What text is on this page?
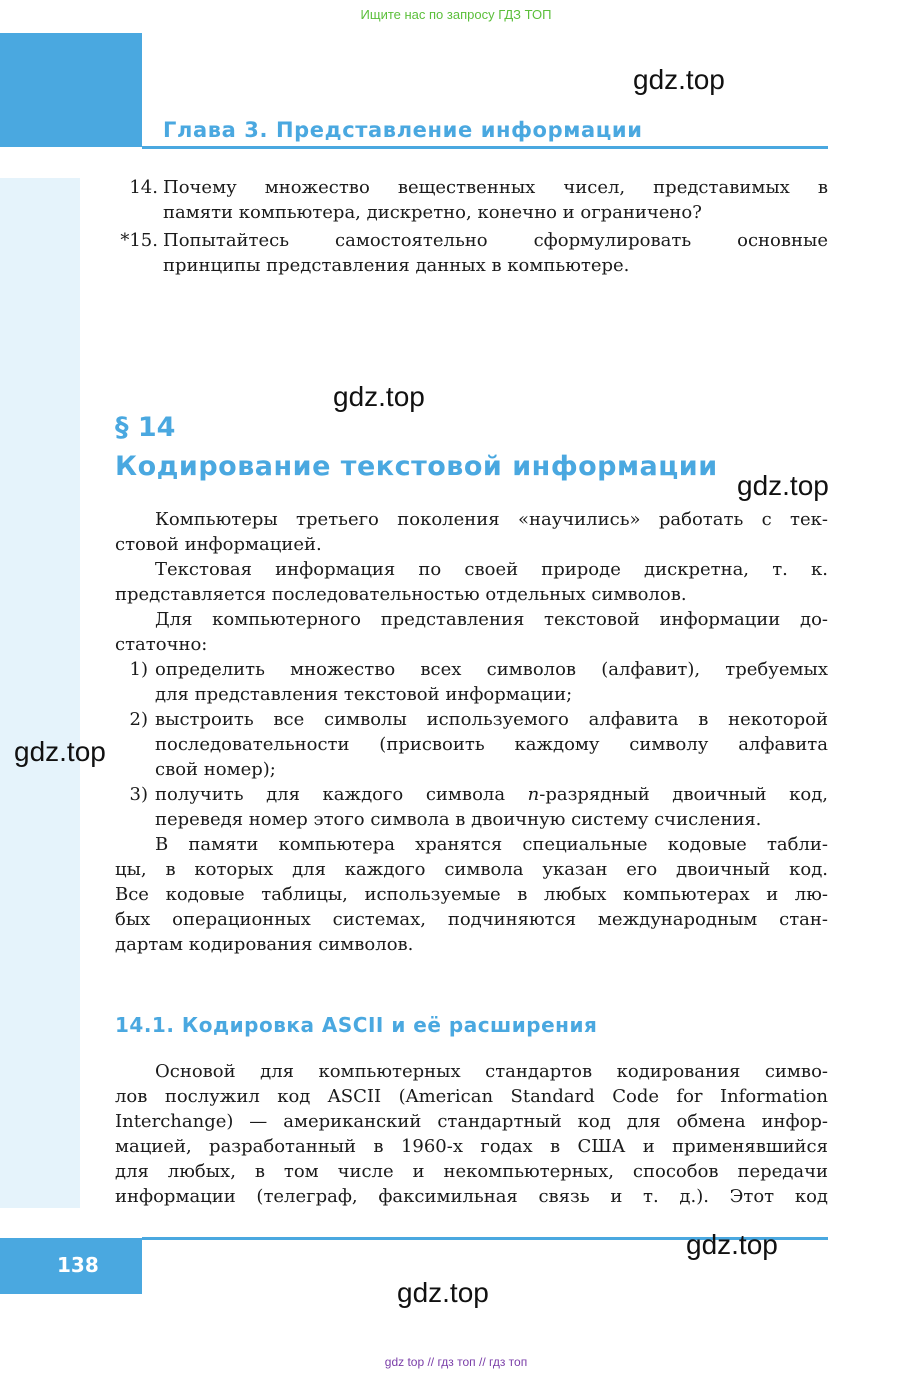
Ищите нас по запросу ГДЗ ТОП
Глава 3. Представление информации
14. Почему множество вещественных чисел, представимых в
памяти компьютера, дискретно, конечно и ограничено?
*15. Попытайтесь самостоятельно сформулировать основные
принципы представления данных в компьютере.
§ 14
Кодирование текстовой информации
Компьютеры третьего поколения «научились» работать с тек-
стовой информацией.
Текстовая информация по своей природе дискретна, т. к.
представляется последовательностью отдельных символов.
Для компьютерного представления текстовой информации до-
статочно:
1) определить множество всех символов (алфавит), требуемых
для представления текстовой информации;
2) выстроить все символы используемого алфавита в некоторой
последовательности (присвоить каждому символу алфавита
свой номер);
3) получить для каждого символа n-разрядный двоичный код,
переведя номер этого символа в двоичную систему счисления.
В памяти компьютера хранятся специальные кодовые табли-
цы, в которых для каждого символа указан его двоичный код.
Все кодовые таблицы, используемые в любых компьютерах и лю-
бых операционных системах, подчиняются международным стан-
дартам кодирования символов.
14.1. Кодировка ASCII и её расширения
Основой для компьютерных стандартов кодирования симво-
лов послужил код ASCII (American Standard Code for Information
Interchange) — американский стандартный код для обмена инфор-
мацией, разработанный в 1960-х годах в США и применявшийся
для любых, в том числе и некомпьютерных, способов передачи
информации (телеграф, факсимильная связь и т. д.). Этот код
138
gdz.top
gdz.top
gdz.top
gdz.top
gdz.top
gdz.top
gdz top // гдз топ // гдз топ
